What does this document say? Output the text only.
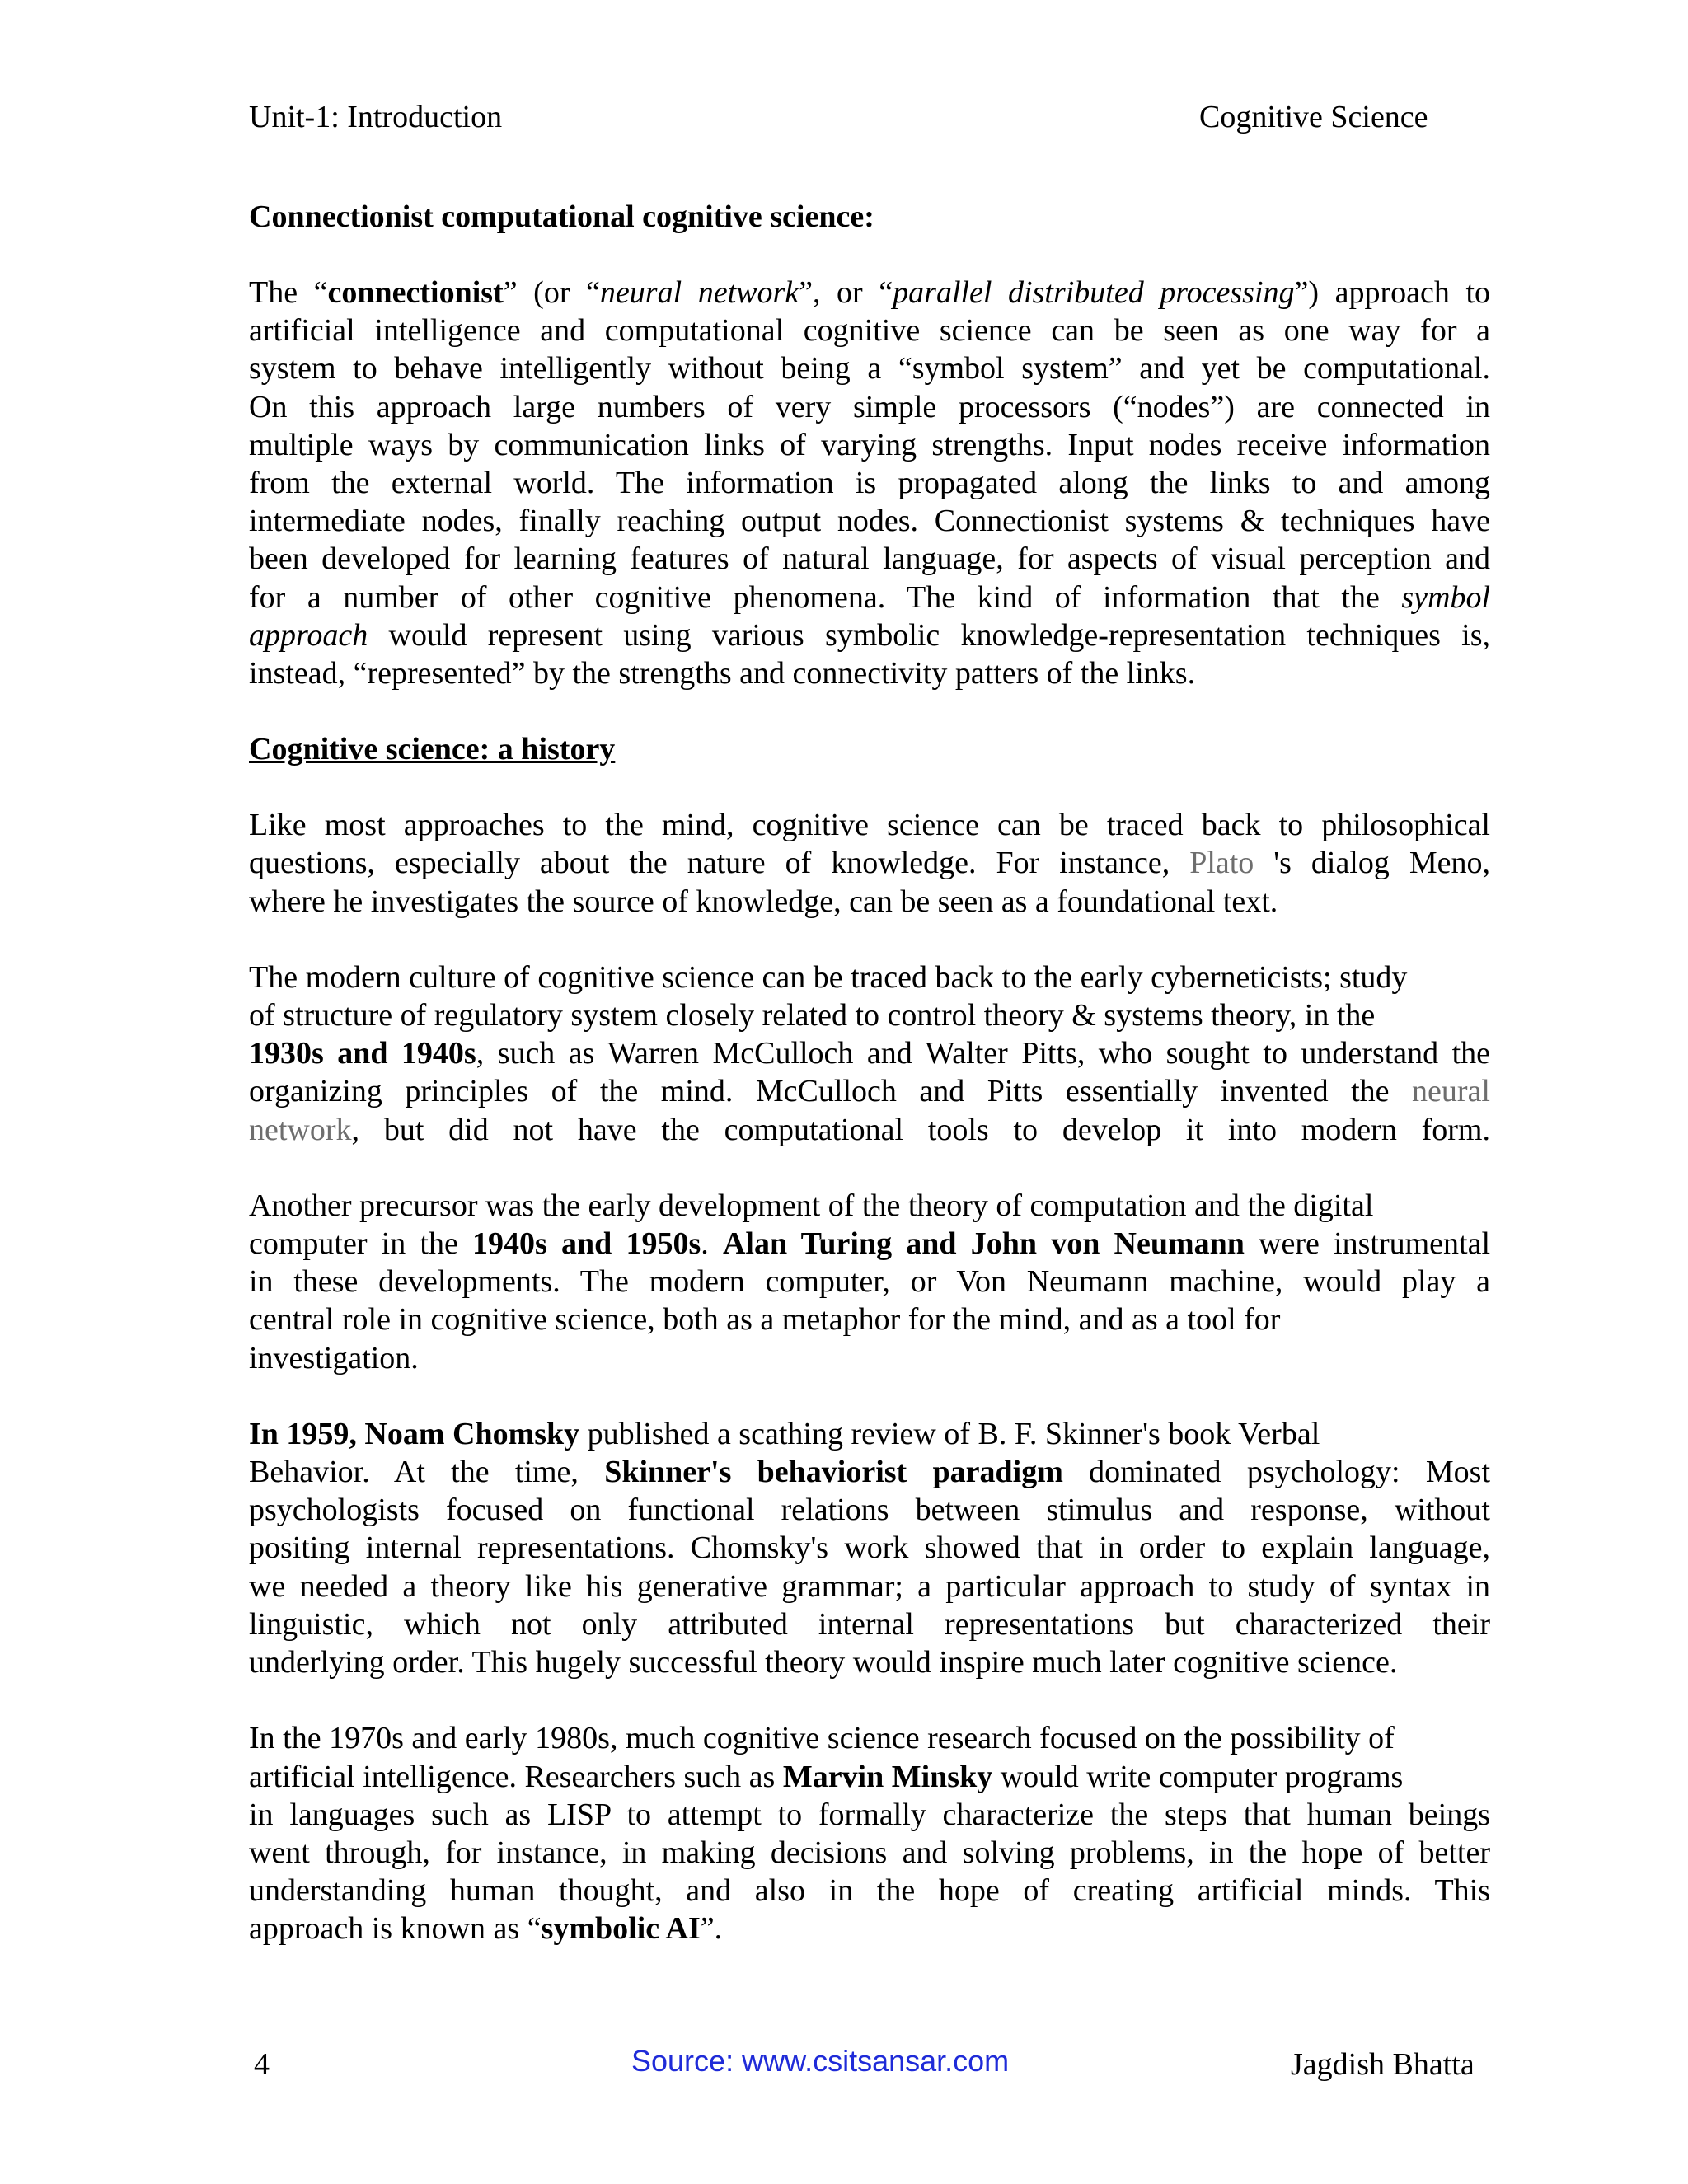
Unit-1: Introduction	Cognitive Science
Connectionist computational cognitive science:
The “connectionist” (or “neural network”, or “parallel distributed processing”) approach to
artificial intelligence and computational cognitive science can be seen as one way for a
system to behave intelligently without being a “symbol system” and yet be computational.
On this approach large numbers of very simple processors (“nodes”) are connected in
multiple ways by communication links of varying strengths. Input nodes receive information
from the external world. The information is propagated along the links to and among
intermediate nodes, finally reaching output nodes. Connectionist systems & techniques have
been developed for learning features of natural language, for aspects of visual perception and
for a number of other cognitive phenomena. The kind of information that the symbol
approach would represent using various symbolic knowledge-representation techniques is,
instead, “represented” by the strengths and connectivity patters of the links.
Cognitive science: a history
Like most approaches to the mind, cognitive science can be traced back to philosophical
questions, especially about the nature of knowledge. For instance, Plato 's dialog Meno,
where he investigates the source of knowledge, can be seen as a foundational text.
The modern culture of cognitive science can be traced back to the early cyberneticists; study
of structure of regulatory system closely related to control theory & systems theory, in the
1930s and 1940s, such as Warren McCulloch and Walter Pitts, who sought to understand the
organizing principles of the mind. McCulloch and Pitts essentially invented the neural
network, but did not have the computational tools to develop it into modern form.
Another precursor was the early development of the theory of computation and the digital
computer in the 1940s and 1950s. Alan Turing and John von Neumann were instrumental
in these developments. The modern computer, or Von Neumann machine, would play a
central role in cognitive science, both as a metaphor for the mind, and as a tool for
investigation.
In 1959, Noam Chomsky published a scathing review of B. F. Skinner's book Verbal
Behavior. At the time, Skinner's behaviorist paradigm dominated psychology: Most
psychologists focused on functional relations between stimulus and response, without
positing internal representations. Chomsky's work showed that in order to explain language,
we needed a theory like his generative grammar; a particular approach to study of syntax in
linguistic, which not only attributed internal representations but characterized their
underlying order. This hugely successful theory would inspire much later cognitive science.
In the 1970s and early 1980s, much cognitive science research focused on the possibility of
artificial intelligence. Researchers such as Marvin Minsky would write computer programs
in languages such as LISP to attempt to formally characterize the steps that human beings
went through, for instance, in making decisions and solving problems, in the hope of better
understanding human thought, and also in the hope of creating artificial minds. This
approach is known as “symbolic AI”.
4	Source: www.csitsansar.com	Jagdish Bhatta
